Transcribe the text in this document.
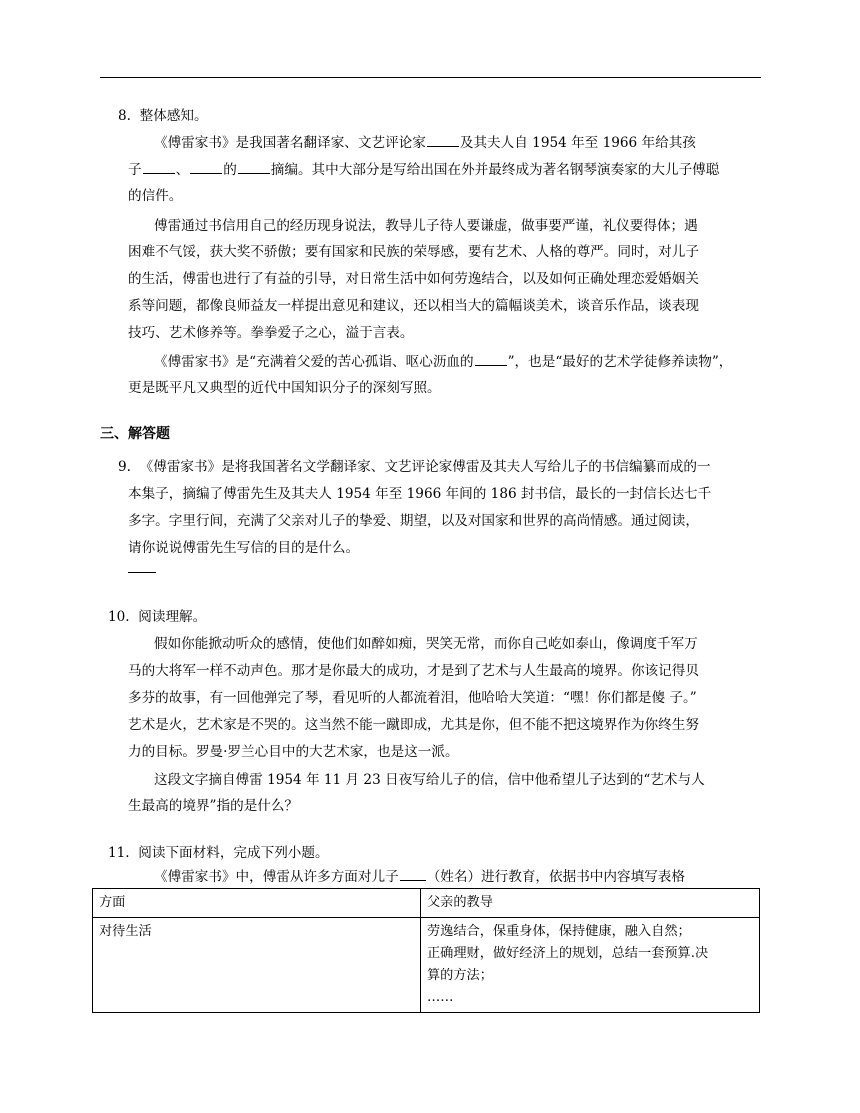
8. 整体感知。
《傅雷家书》是我国著名翻译家、文艺评论家	及其夫人自 1954 年至 1966 年给其孩
子	、	的	摘编。其中大部分是写给出国在外并最终成为著名钢琴演奏家的大儿子傅聪
的信件。
傅雷通过书信用自己的经历现身说法，教导儿子待人要谦虚，做事要严谨，礼仪要得体；遇
困难不气馁，获大奖不骄傲；要有国家和民族的荣辱感，要有艺术、人格的尊严。同时，对儿子
的生活，傅雷也进行了有益的引导，对日常生活中如何劳逸结合，以及如何正确处理恋爱婚姻关
系等问题，都像良师益友一样提出意见和建议，还以相当大的篇幅谈美术，谈音乐作品，谈表现
技巧、艺术修养等。拳拳爱子之心，溢于言表。
《傅雷家书》是“充满着父爱的苦心孤诣、呕心沥血的	”，也是“最好的艺术学徒修养读物”，
更是既平凡又典型的近代中国知识分子的深刻写照。
三、解答题
9. 《傅雷家书》是将我国著名文学翻译家、文艺评论家傅雷及其夫人写给儿子的书信编纂而成的一
本集子，摘编了傅雷先生及其夫人 1954 年至 1966 年间的 186 封书信，最长的一封信长达七千
多字。字里行间，充满了父亲对儿子的挚爱、期望，以及对国家和世界的高尚情感。通过阅读，
请你说说傅雷先生写信的目的是什么。
10. 阅读理解。
假如你能掀动听众的感情，使他们如醉如痴，哭笑无常，而你自己屹如泰山，像调度千军万
马的大将军一样不动声色。那才是你最大的成功，才是到了艺术与人生最高的境界。你该记得贝
多芬的故事，有一回他弹完了琴，看见听的人都流着泪，他哈哈大笑道：“嘿！你们都是傻 子。”
艺术是火，艺术家是不哭的。这当然不能一蹴即成，尤其是你，但不能不把这境界作为你终生努
力的目标。罗曼·罗兰心目中的大艺术家，也是这一派。
这段文字摘自傅雷 1954 年 11 月 23 日夜写给儿子的信，信中他希望儿子达到的“艺术与人
生最高的境界”指的是什么？
11. 阅读下面材料，完成下列小题。
《傅雷家书》中，傅雷从许多方面对儿子 （姓名）进行教育，依据书中内容填写表格
方面	父亲的教导
对待生活	劳逸结合，保重身体，保持健康，融入自然；
正确理财，做好经济上的规划，总结一套预算.决
算的方法；
……
